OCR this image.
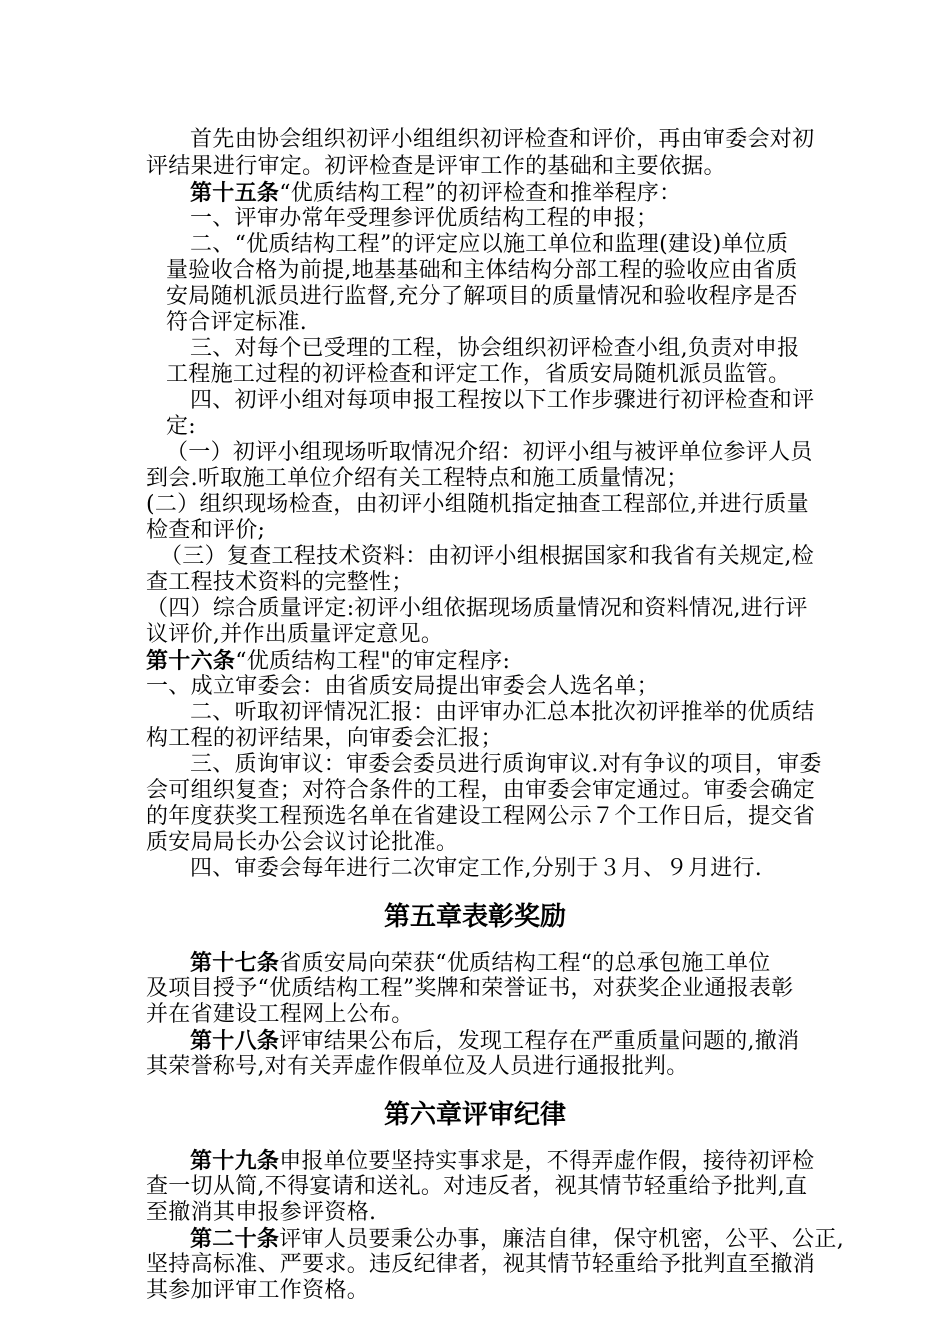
首先由协会组织初评小组组织初评检查和评价，再由审委会对初
评结果进行审定。初评检查是评审工作的基础和主要依据。
第十五条“优质结构工程”的初评检查和推举程序：
一、评审办常年受理参评优质结构工程的申报；
二、“优质结构工程”的评定应以施工单位和监理(建设)单位质
量验收合格为前提,地基基础和主体结构分部工程的验收应由省质
安局随机派员进行监督,充分了解项目的质量情况和验收程序是否
符合评定标准.
三、对每个已受理的工程，协会组织初评检查小组,负责对申报
工程施工过程的初评检查和评定工作，省质安局随机派员监管。
四、初评小组对每项申报工程按以下工作步骤进行初评检查和评
定:
（一）初评小组现场听取情况介绍：初评小组与被评单位参评人员
到会.听取施工单位介绍有关工程特点和施工质量情况；
(二）组织现场检查，由初评小组随机指定抽查工程部位,并进行质量
检查和评价;
（三）复查工程技术资料：由初评小组根据国家和我省有关规定,检
查工程技术资料的完整性；
（四）综合质量评定:初评小组依据现场质量情况和资料情况,进行评
议评价,并作出质量评定意见。
第十六条“优质结构工程"的审定程序:
一、成立审委会：由省质安局提出审委会人选名单；
二、听取初评情况汇报：由评审办汇总本批次初评推举的优质结
构工程的初评结果，向审委会汇报；
三、质询审议：审委会委员进行质询审议.对有争议的项目，审委
会可组织复查；对符合条件的工程，由审委会审定通过。审委会确定
的年度获奖工程预选名单在省建设工程网公示７个工作日后，提交省
质安局局长办公会议讨论批准。
四、审委会每年进行二次审定工作,分别于３月、９月进行.
第五章表彰奖励
第十七条省质安局向荣获“优质结构工程“的总承包施工单位
及项目授予“优质结构工程”奖牌和荣誉证书，对获奖企业通报表彰
并在省建设工程网上公布。
第十八条评审结果公布后，发现工程存在严重质量问题的,撤消
其荣誉称号,对有关弄虚作假单位及人员进行通报批判。
第六章评审纪律
第十九条申报单位要坚持实事求是，不得弄虚作假，接待初评检
查一切从简,不得宴请和送礼。对违反者，视其情节轻重给予批判,直
至撤消其申报参评资格.
第二十条评审人员要秉公办事，廉洁自律，保守机密，公平、公正,
坚持高标准、严要求。违反纪律者，视其情节轻重给予批判直至撤消
其参加评审工作资格。
